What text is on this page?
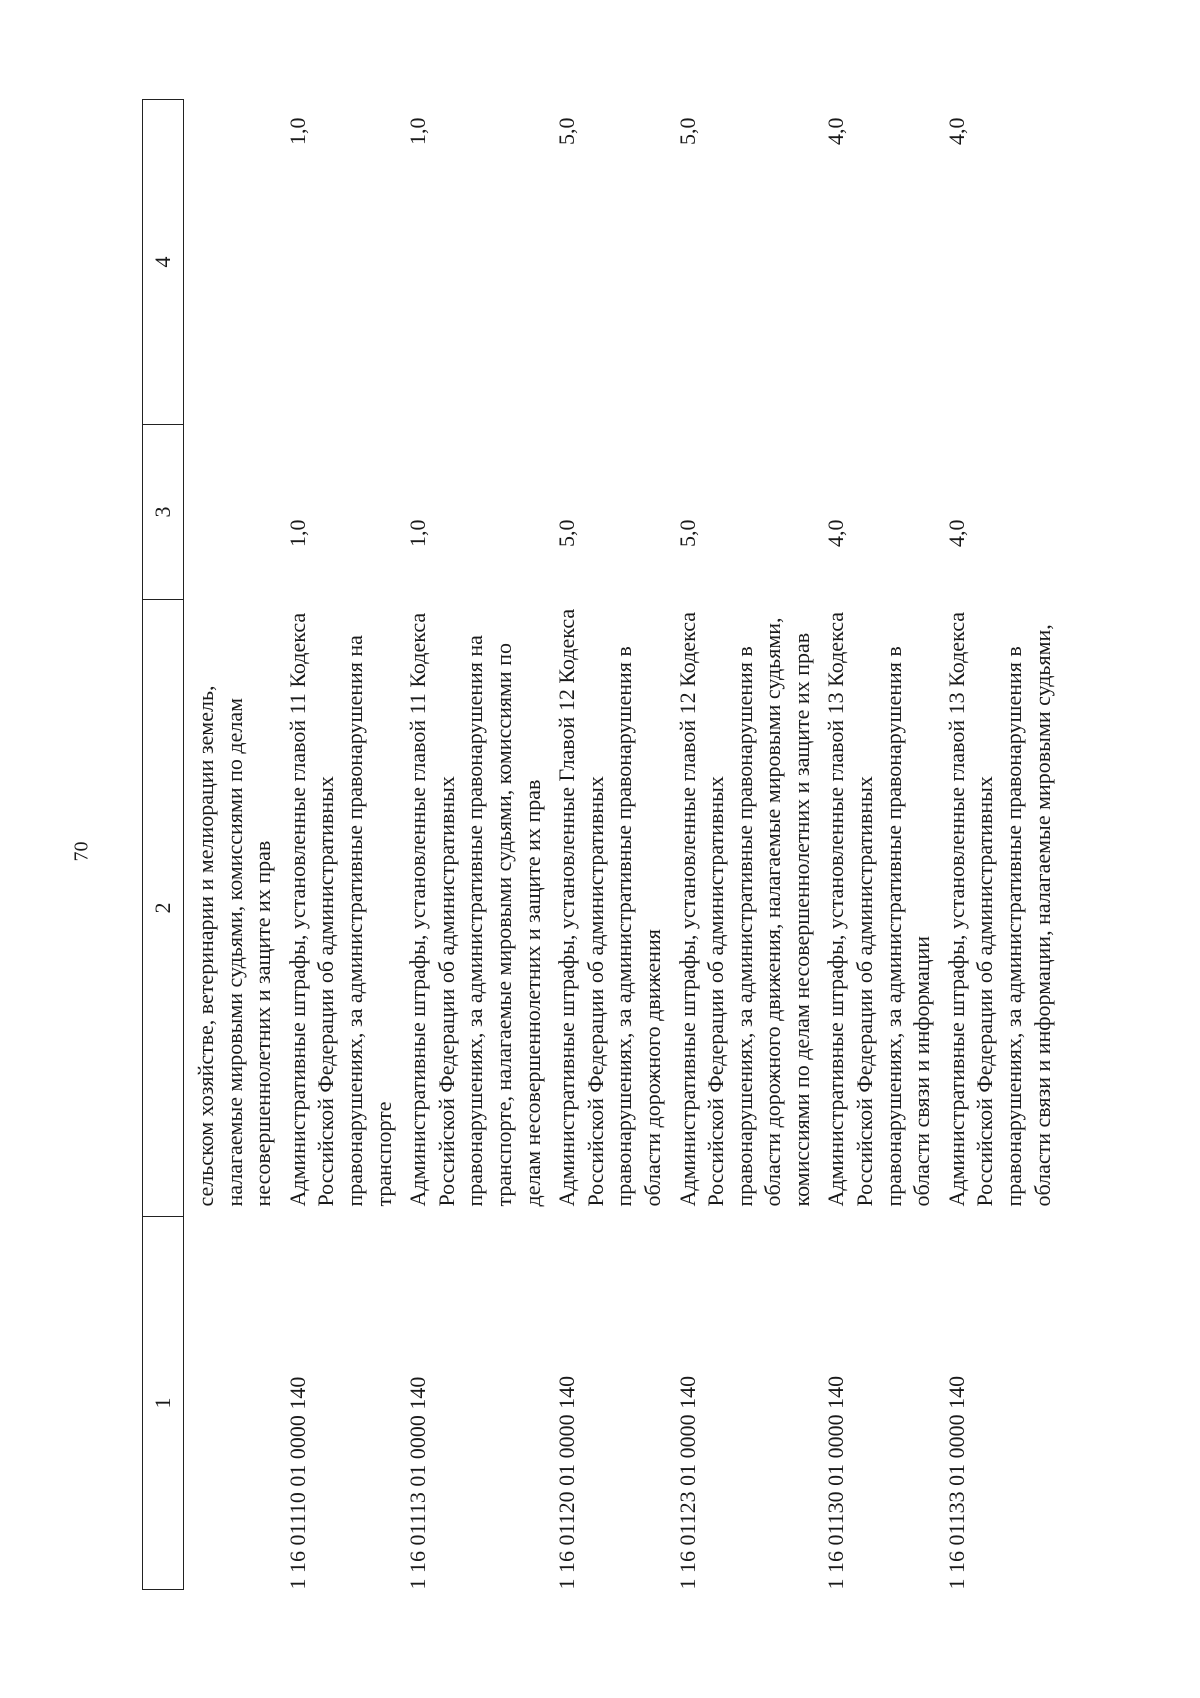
70
1	2	3	4
	сельском хозяйстве, ветеринарии и мелиорации земель, налагаемые мировыми судьями, комиссиями по делам несовершеннолетних и защите их прав		
1 16 01110 01 0000 140	Административные штрафы, установленные главой 11 Кодекса Российской Федерации об административных правонарушениях, за административные правонарушения на транспорте	1,0	1,0
1 16 01113 01 0000 140	Административные штрафы, установленные главой 11 Кодекса Российской Федерации об административных правонарушениях, за административные правонарушения на транспорте, налагаемые мировыми судьями, комиссиями по делам несовершеннолетних и защите их прав	1,0	1,0
1 16 01120 01 0000 140	Административные штрафы, установленные Главой 12 Кодекса Российской Федерации об административных правонарушениях, за административные правонарушения в области дорожного движения	5,0	5,0
1 16 01123 01 0000 140	Административные штрафы, установленные главой 12 Кодекса Российской Федерации об административных правонарушениях, за административные правонарушения в области дорожного движения, налагаемые мировыми судьями, комиссиями по делам несовершеннолетних и защите их прав	5,0	5,0
1 16 01130 01 0000 140	Административные штрафы, установленные главой 13 Кодекса Российской Федерации об административных правонарушениях, за административные правонарушения в области связи и информации	4,0	4,0
1 16 01133 01 0000 140	Административные штрафы, установленные главой 13 Кодекса Российской Федерации об административных правонарушениях, за административные правонарушения в области связи и информации, налагаемые мировыми судьями,	4,0	4,0
